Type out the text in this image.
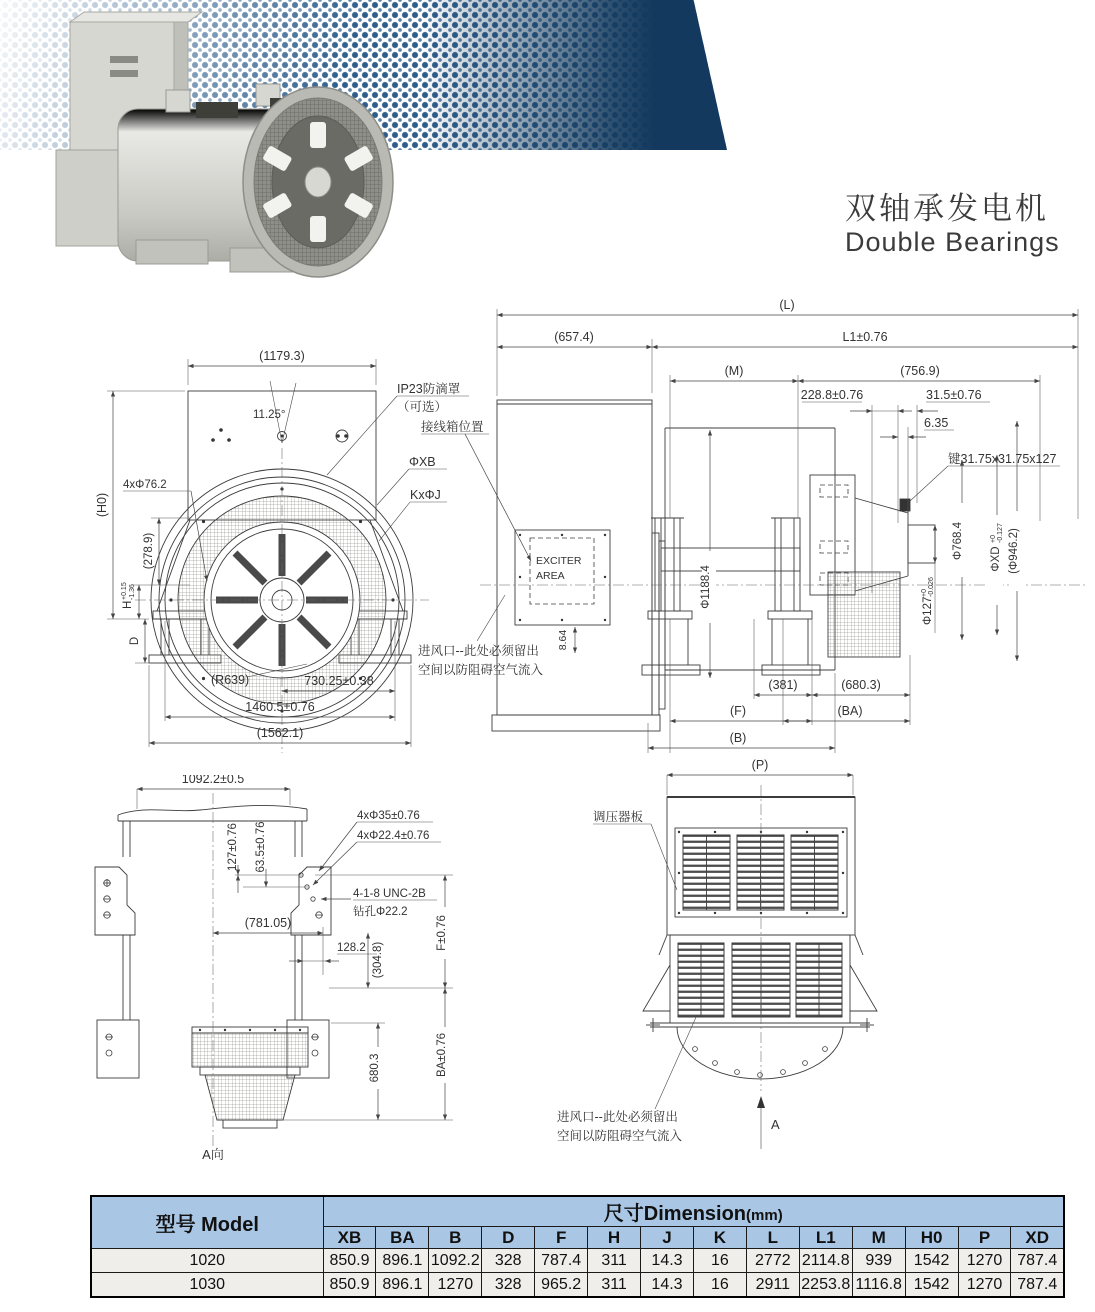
双轴承发电机
Double Bearings
(1179.3)
11.25°
(H0)
(278.9)
H
+0.15 -1.36
D
(R639)	730.25±0.38
1460.5±0.76
(1562.1)
4xΦ76.2
IP23防滴罩
（可选）
接线箱位置
ΦXB
KxΦJ
进风口--此处必须留出
空间以防阻碍空气流入
(L)
(657.4)	L1±0.76
(M)	(756.9)
228.8±0.76	31.5±0.76
6.35
键31.75x31.75x127
Φ768.4 ΦXD
+0 -0.127 (Φ946.2)
Φ127
+0 -0.026
Φ1188.4
8.64
(381)	(680.3)
(F)	(BA)
(B)
EXCITER
AREA
1092.2±0.5
4xΦ35±0.76
4xΦ22.4±0.76
127±0.76 63.5±0.76
4-1-8 UNC-2B
钻孔Φ22.2
(781.05)
128.2 (304.8)
F±0.76
BA±0.76
680.3
A向
(P)
调压器板
进风口--此处必须留出
空间以防阻碍空气流入
A
型号 Model	尺寸Dimension(mm)													
	XB	BA	B	D	F	H	J	K	L	L1	M	H0	P	XD
1020	850.9	896.1	1092.2	328	787.4	311	14.3	16	2772	2114.8	939	1542	1270	787.4
1030	850.9	896.1	1270	328	965.2	311	14.3	16	2911	2253.8	1116.8	1542	1270	787.4
